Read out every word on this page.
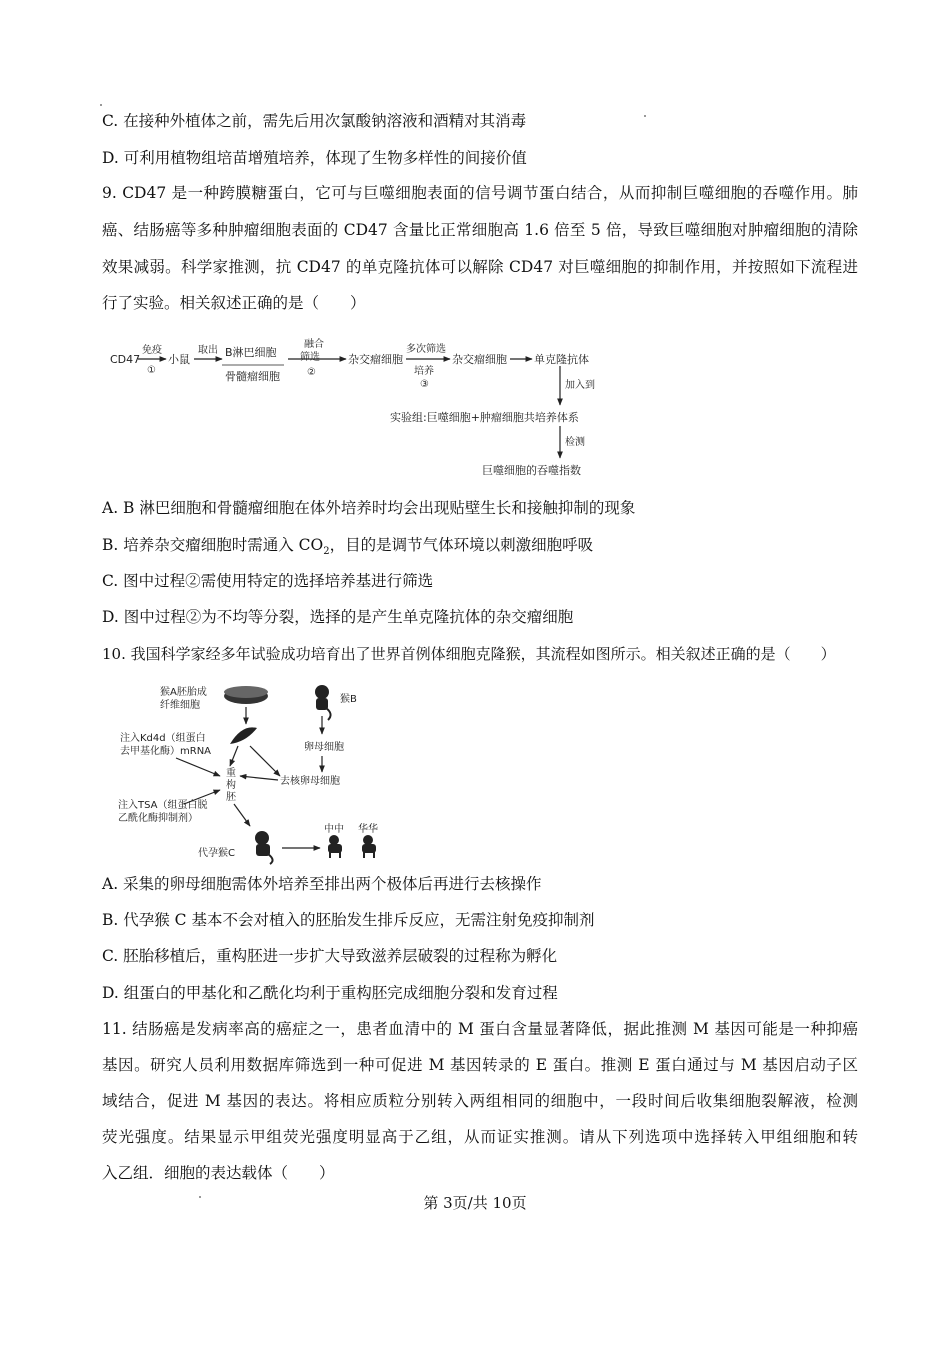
C. 在接种外植体之前，需先后用次氯酸钠溶液和酒精对其消毒
D. 可利用植物组培苗增殖培养，体现了生物多样性的间接价值
9. CD47 是一种跨膜糖蛋白，它可与巨噬细胞表面的信号调节蛋白结合，从而抑制巨噬细胞的吞噬作用。肺
癌、结肠癌等多种肿瘤细胞表面的 CD47 含量比正常细胞高 1.6 倍至 5 倍，导致巨噬细胞对肿瘤细胞的清除
效果减弱。科学家推测，抗 CD47 的单克隆抗体可以解除 CD47 对巨噬细胞的抑制作用，并按照如下流程进
行了实验。相关叙述正确的是（　　）
CD47
免疫
①
小鼠
取出 B淋巴细胞
骨髓瘤细胞
融合
筛选
②
杂交瘤细胞
多次筛选
培养
③
杂交瘤细胞 单克隆抗体
加入到
实验组:巨噬细胞+肿瘤细胞共培养体系
检测
巨噬细胞的吞噬指数
A. B 淋巴细胞和骨髓瘤细胞在体外培养时均会出现贴壁生长和接触抑制的现象
B. 培养杂交瘤细胞时需通入 $CO_2$，目的是调节气体环境以刺激细胞呼吸
C. 图中过程②需使用特定的选择培养基进行筛选
D. 图中过程②为不均等分裂，选择的是产生单克隆抗体的杂交瘤细胞
10. 我国科学家经多年试验成功培育出了世界首例体细胞克隆猴，其流程如图所示。相关叙述正确的是（　　）
猴A胚胎成
纤维细胞
猴B
卵母细胞
注入Kd4d（组蛋白
去甲基化酶）mRNA
去核卵母细胞
重
构
胚
注入TSA（组蛋白脱
乙酰化酶抑制剂）
代孕猴C
中中 华华
A. 采集的卵母细胞需体外培养至排出两个极体后再进行去核操作
B. 代孕猴 C 基本不会对植入的胚胎发生排斥反应，无需注射免疫抑制剂
C. 胚胎移植后，重构胚进一步扩大导致滋养层破裂的过程称为孵化
D. 组蛋白的甲基化和乙酰化均利于重构胚完成细胞分裂和发育过程
11. 结肠癌是发病率高的癌症之一，患者血清中的 M 蛋白含量显著降低，据此推测 M 基因可能是一种抑癌
基因。研究人员利用数据库筛选到一种可促进 M 基因转录的 E 蛋白。推测 E 蛋白通过与 M 基因启动子区
域结合，促进 M 基因的表达。将相应质粒分别转入两组相同的细胞中，一段时间后收集细胞裂解液，检测
荧光强度。结果显示甲组荧光强度明显高于乙组，从而证实推测。请从下列选项中选择转入甲组细胞和转
入乙组．细胞的表达载体（　　）
第 3页/共 10页
